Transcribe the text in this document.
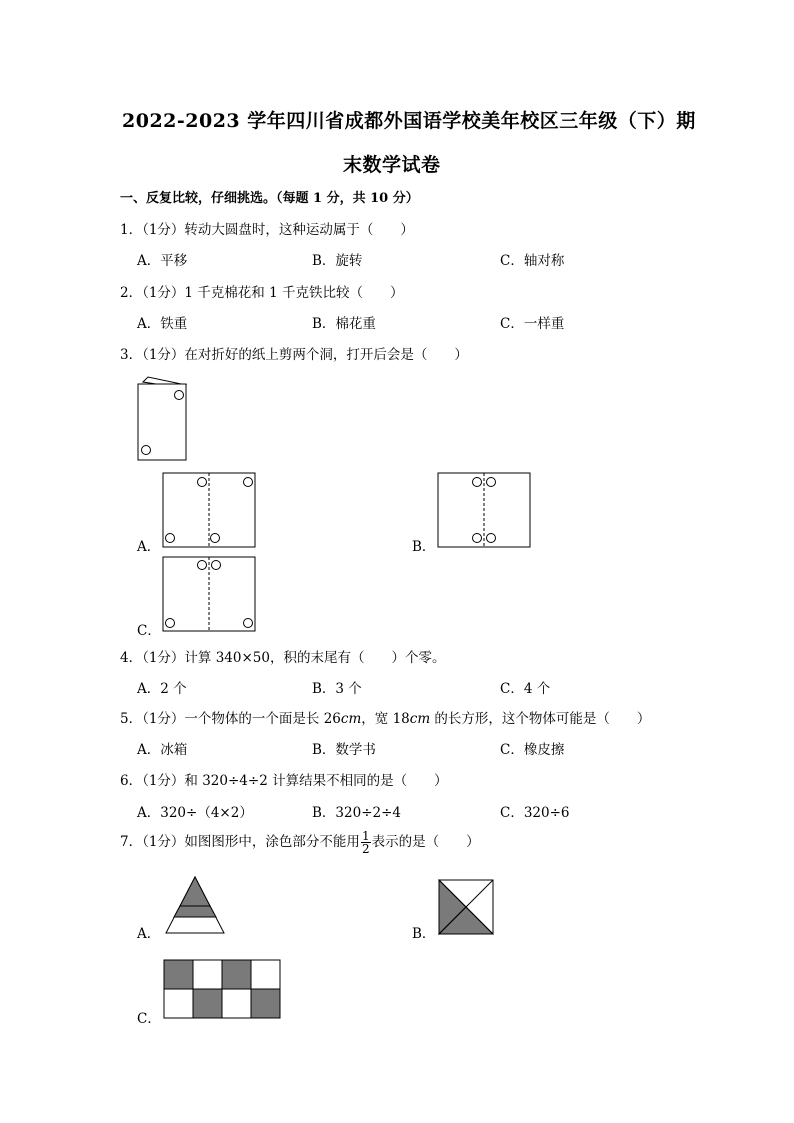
2022-2023 学年四川省成都外国语学校美年校区三年级（下）期
末数学试卷
一、反复比较，仔细挑选。（每题 1 分，共 10 分）
1．（1分）转动大圆盘时，这种运动属于（　　）
A．平移	B．旋转	C．轴对称
2．（1分）1 千克棉花和 1 千克铁比较（　　）
A．铁重	B．棉花重	C．一样重
3．（1分）在对折好的纸上剪两个洞，打开后会是（　　）
A．	B．
C．
4．（1分）计算 340×50，积的末尾有（　　）个零。
A．2 个	B．3 个	C．4 个
5．（1分）一个物体的一个面是长 26cm，宽 18cm 的长方形，这个物体可能是（　　）
A．冰箱	B．数学书	C．橡皮擦
6．（1分）和 320÷4÷2 计算结果不相同的是（　　）
A．320÷（4×2）	B．320÷2÷4	C．320÷6
7．（1分）如图图形中，涂色部分不能用 $\frac{1}{2}$ 表示的是（　　）
A．	B．
C．
